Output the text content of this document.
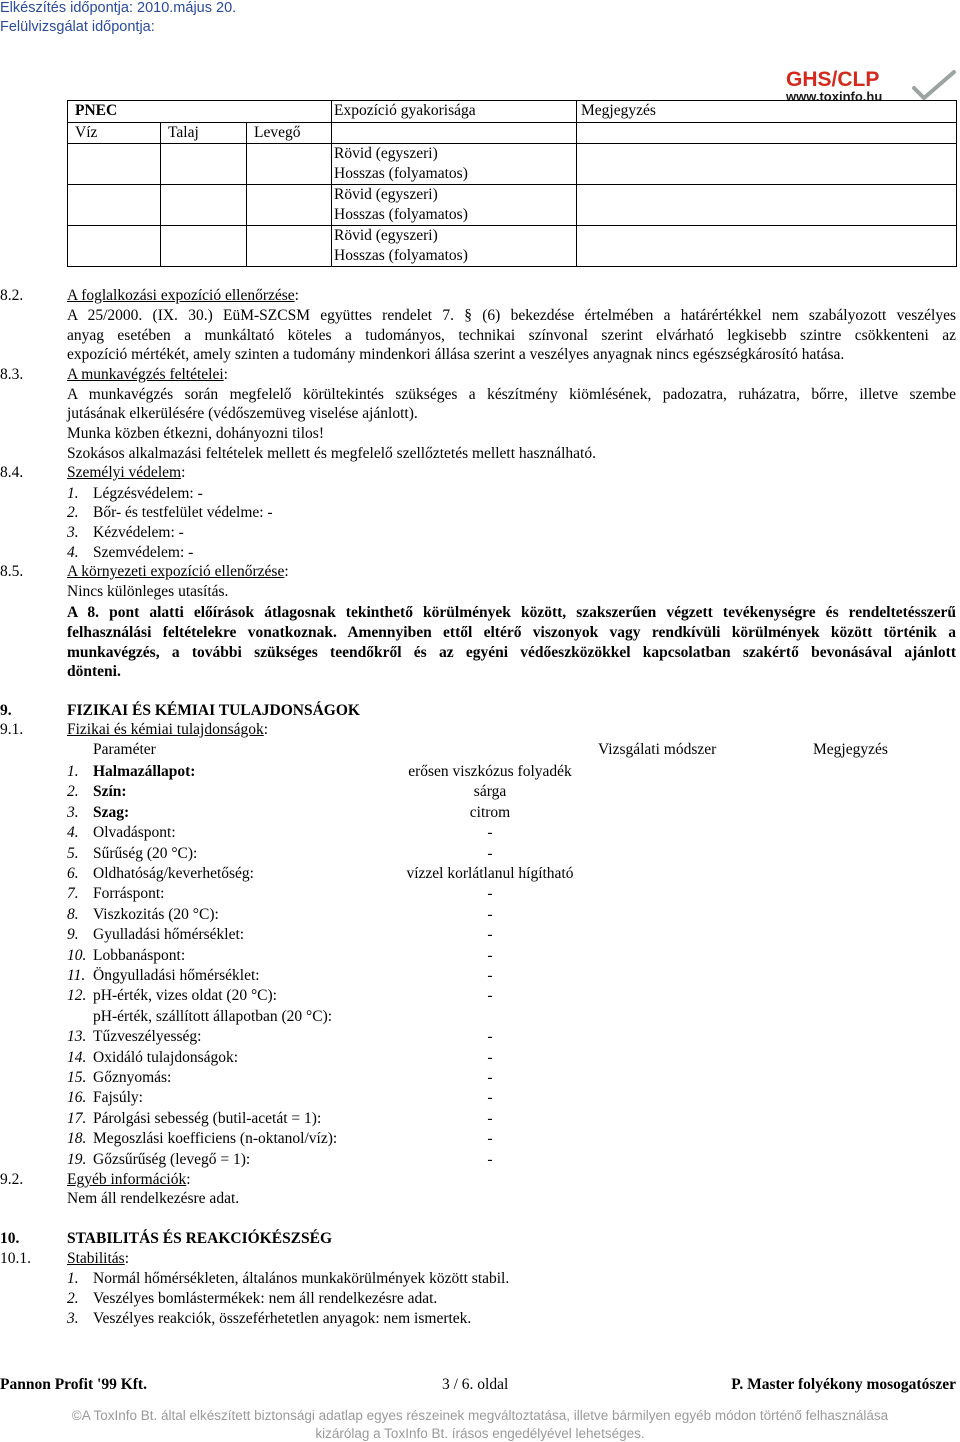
Elkészítés időpontja: 2010.május 20.
Felülvizsgálat időpontja:
GHS/CLP
www.toxinfo.hu
PNEC			Expozíció gyakorisága	Megjegyzés
Víz	Talaj	Levegő		

			Rövid (egyszeri)
Hosszas (folyamatos)	

			Rövid (egyszeri)
Hosszas (folyamatos)	

			Rövid (egyszeri)
Hosszas (folyamatos)	

8.2.	A foglalkozási expozíció ellenőrzése:
A 25/2000. (IX. 30.) EüM-SZCSM együttes rendelet 7. § (6) bekezdése értelmében a határértékkel nem szabályozott veszélyes
anyag esetében a munkáltató köteles a tudományos, technikai színvonal szerint elvárható legkisebb szintre csökkenteni az
expozíció mértékét, amely szinten a tudomány mindenkori állása szerint a veszélyes anyagnak nincs egészségkárosító hatása.
8.3.	A munkavégzés feltételei:
A munkavégzés során megfelelő körültekintés szükséges a készítmény kiömlésének, padozatra, ruházatra, bőrre, illetve szembe
jutásának elkerülésére (védőszemüveg viselése ajánlott).
Munka közben étkezni, dohányozni tilos!
Szokásos alkalmazási feltételek mellett és megfelelő szellőztetés mellett használható.
8.4.	Személyi védelem:
1. Légzésvédelem: -
2. Bőr- és testfelület védelme: -
3. Kézvédelem: -
4. Szemvédelem: -
8.5.	A környezeti expozíció ellenőrzése:
Nincs különleges utasítás.
A 8. pont alatti előírások átlagosnak tekinthető körülmények között, szakszerűen végzett tevékenységre és rendeltetésszerű
felhasználási feltételekre vonatkoznak. Amennyiben ettől eltérő viszonyok vagy rendkívüli körülmények között történik a
munkavégzés, a további szükséges teendőkről és az egyéni védőeszközökkel kapcsolatban szakértő bevonásával ajánlott
dönteni.
9.	FIZIKAI ÉS KÉMIAI TULAJDONSÁGOK
9.1.	Fizikai és kémiai tulajdonságok:
Paraméter	Vizsgálati módszer	Megjegyzés
1. Halmazállapot:	erősen viszkózus folyadék
2. Szín:	sárga
3. Szag:	citrom
4. Olvadáspont:	-
5. Sűrűség (20 °C):	-
6. Oldhatóság/keverhetőség:	vízzel korlátlanul hígítható
7. Forráspont:	-
8. Viszkozitás (20 °C):	-
9. Gyulladási hőmérséklet:	-
10. Lobbanáspont:	-
11. Öngyulladási hőmérséklet:	-
12. pH-érték, vizes oldat (20 °C):	-
pH-érték, szállított állapotban (20 °C):
13. Tűzveszélyesség:	-
14. Oxidáló tulajdonságok:	-
15. Gőznyomás:	-
16. Fajsúly:	-
17. Párolgási sebesség (butil-acetát = 1):	-
18. Megoszlási koefficiens (n-oktanol/víz):	-
19. Gőzsűrűség (levegő = 1):	-
9.2.	Egyéb információk:
Nem áll rendelkezésre adat.
10.	STABILITÁS ÉS REAKCIÓKÉSZSÉG
10.1. Stabilitás:
1. Normál hőmérsékleten, általános munkakörülmények között stabil.
2. Veszélyes bomlástermékek: nem áll rendelkezésre adat.
3. Veszélyes reakciók, összeférhetetlen anyagok: nem ismertek.
Pannon Profit '99 Kft.	3 / 6. oldal	P. Master folyékony mosogatószer
©A ToxInfo Bt. által elkészített biztonsági adatlap egyes részeinek megváltoztatása, illetve bármilyen egyéb módon történő felhasználása
kizárólag a ToxInfo Bt. írásos engedélyével lehetséges.
